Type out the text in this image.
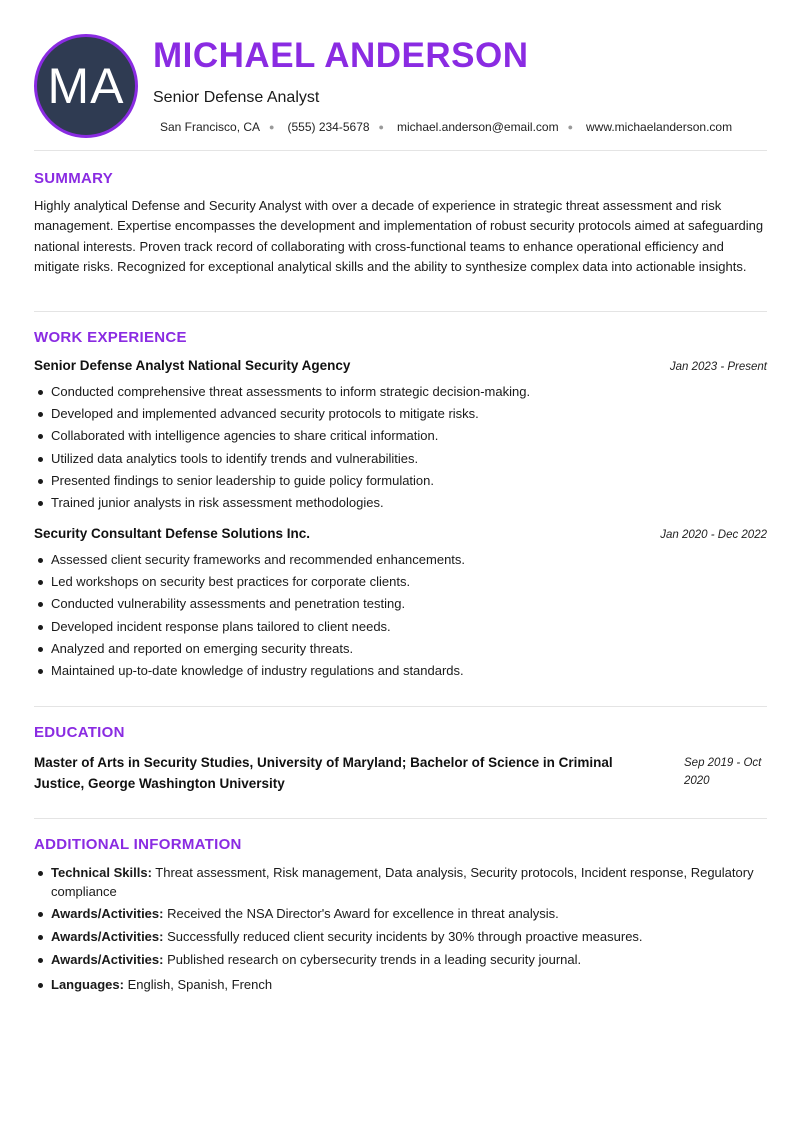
MA
MICHAEL ANDERSON
Senior Defense Analyst
San Francisco, CA ● (555) 234-5678 ● michael.anderson@email.com ● www.michaelanderson.com
SUMMARY

Highly analytical Defense and Security Analyst with over a decade of experience in strategic threat assessment and risk management. Expertise encompasses the development and implementation of robust security protocols aimed at safeguarding national interests. Proven track record of collaborating with cross-functional teams to enhance operational efficiency and mitigate risks. Recognized for exceptional analytical skills and the ability to synthesize complex data into actionable insights.

WORK EXPERIENCE
Senior Defense Analyst National Security Agency	Jan 2023 - Present
Conducted comprehensive threat assessments to inform strategic decision-making.
Developed and implemented advanced security protocols to mitigate risks.
Collaborated with intelligence agencies to share critical information.
Utilized data analytics tools to identify trends and vulnerabilities.
Presented findings to senior leadership to guide policy formulation.
Trained junior analysts in risk assessment methodologies.
Security Consultant Defense Solutions Inc.	Jan 2020 - Dec 2022
Assessed client security frameworks and recommended enhancements.
Led workshops on security best practices for corporate clients.
Conducted vulnerability assessments and penetration testing.
Developed incident response plans tailored to client needs.
Analyzed and reported on emerging security threats.
Maintained up-to-date knowledge of industry regulations and standards.
EDUCATION
Master of Arts in Security Studies, University of Maryland; Bachelor of Science in Criminal Justice, George Washington University
Sep 2019 - Oct 2020
ADDITIONAL INFORMATION
Technical Skills: Threat assessment, Risk management, Data analysis, Security protocols, Incident response, Regulatory compliance
Awards/Activities: Received the NSA Director's Award for excellence in threat analysis.
Awards/Activities: Successfully reduced client security incidents by 30% through proactive measures.
Awards/Activities: Published research on cybersecurity trends in a leading security journal.
Languages: English, Spanish, French
